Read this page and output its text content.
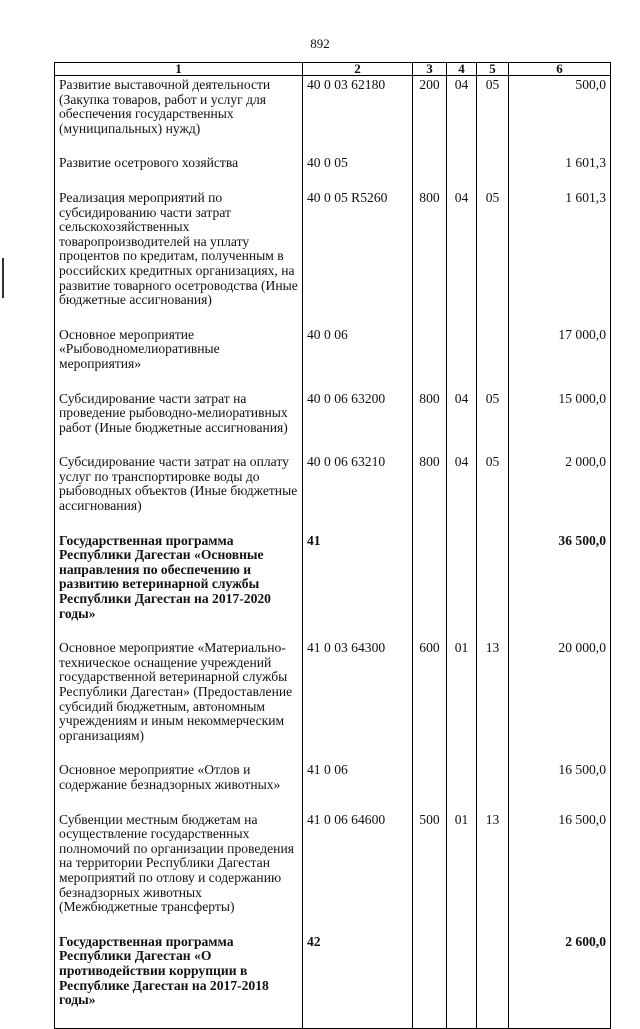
892
1	2	3	4	5	6
Развитие выставочной деятельности (Закупка товаров, работ и услуг для обеспечения государственных (муниципальных) нужд)	40 0 03 62180	200	04	05	500,0
Развитие осетрового хозяйства	40 0 05				1 601,3
Реализация мероприятий по субсидированию части затрат сельскохозяйственных товаропроизводителей на уплату процентов по кредитам, полученным в российских кредитных организациях, на развитие товарного осетроводства (Иные бюджетные ассигнования)	40 0 05 R5260	800	04	05	1 601,3
Основное мероприятие «Рыбоводномелиоративные мероприятия»	40 0 06				17 000,0
Субсидирование части затрат на проведение рыбоводно-мелиоративных работ (Иные бюджетные ассигнования)	40 0 06 63200	800	04	05	15 000,0
Субсидирование части затрат на оплату услуг по транспортировке воды до рыбоводных объектов (Иные бюджетные ассигнования)	40 0 06 63210	800	04	05	2 000,0
Государственная программа Республики Дагестан «Основные направления по обеспечению и развитию ветеринарной службы Республики Дагестан на 2017-2020 годы»	41				36 500,0
Основное мероприятие «Материально-техническое оснащение учреждений государственной ветеринарной службы Республики Дагестан» (Предоставление субсидий бюджетным, автономным учреждениям и иным некоммерческим организациям)	41 0 03 64300	600	01	13	20 000,0
Основное мероприятие «Отлов и содержание безнадзорных животных»	41 0 06				16 500,0
Субвенции местным бюджетам на осуществление государственных полномочий по организации проведения на территории Республики Дагестан мероприятий по отлову и содержанию безнадзорных животных (Межбюджетные трансферты)	41 0 06 64600	500	01	13	16 500,0
Государственная программа Республики Дагестан «О противодействии коррупции в Республике Дагестан на 2017-2018 годы»	42				2 600,0
